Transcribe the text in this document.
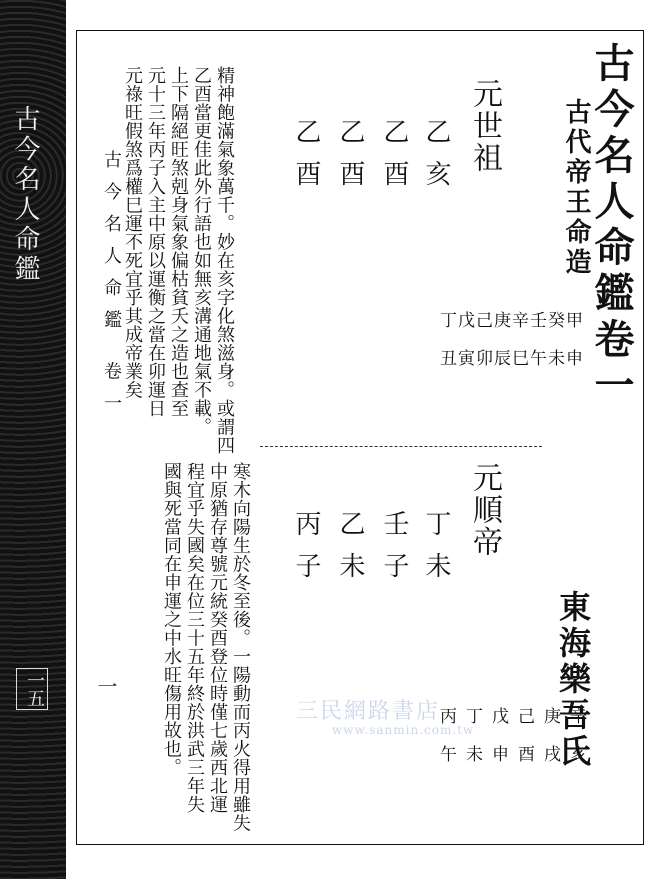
古今名人命鑑
一五
古今名人命鑑 卷一
一
古今名人命鑑卷一
古代帝王命造
東海樂吾氏
元世祖
乙亥
乙酉
乙酉
乙酉
甲癸壬辛庚己戊丁
申未午巳辰卯寅丑
精神飽滿氣象萬千。妙在亥字化煞滋身。或謂四
乙酉當更佳此外行語也如無亥溝通地氣不載。
上下隔絕旺煞剋身氣象偏枯貧夭之造也查至
元十三年丙子入主中原以運衡之當在卯運日
元祿旺假煞爲權巳運不死宜乎其成帝業矣
元順帝
丁未
壬子
乙未
丙子
辛庚己戊丁丙
亥戌酉申未午
寒木向陽生於冬至後。一陽動而丙火得用雖失
中原猶存尊號元統癸酉登位時僅七歲西北運
程宜乎失國矣在位三十五年終於洪武三年失
國與死當同在申運之中水旺傷用故也。	三民網路書店
www.sanmin.com.tw
